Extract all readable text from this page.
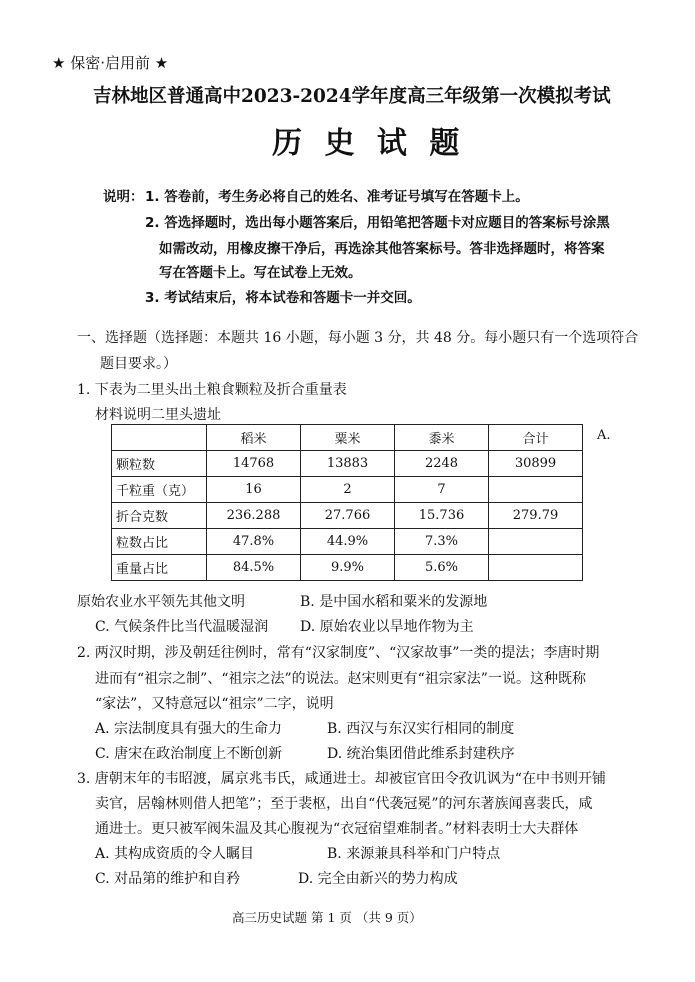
★ 保密·启用前 ★
吉林地区普通高中2023-2024学年度高三年级第一次模拟考试
历 史 试 题
说明： 1. 答卷前，考生务必将自己的姓名、准考证号填写在答题卡上。
2. 答选择题时，选出每小题答案后，用铅笔把答题卡对应题目的答案标号涂黑
如需改动，用橡皮擦干净后，再选涂其他答案标号。答非选择题时，将答案
写在答题卡上。写在试卷上无效。
3. 考试结束后，将本试卷和答题卡一并交回。
一、选择题（选择题：本题共 16 小题，每小题 3 分，共 48 分。每小题只有一个选项符合
题目要求。）
1. 下表为二里头出土粮食颗粒及折合重量表
材料说明二里头遗址
	稻米	粟米	黍米	合计
颗粒数	14768	13883	2248	30899
千粒重（克）	16	2	7	
折合克数	236.288	27.766	15.736	279.79
粒数占比	47.8%	44.9%	7.3%	
重量占比	84.5%	9.9%	5.6%	
A.
原始农业水平领先其他文明	B. 是中国水稻和粟米的发源地
C. 气候条件比当代温暖湿润 D. 原始农业以旱地作物为主
2. 两汉时期，涉及朝廷往例时，常有“汉家制度”、“汉家故事”一类的提法；李唐时期
进而有“祖宗之制”、“祖宗之法”的说法。赵宋则更有“祖宗家法”一说。这种既称
“家法”，又特意冠以“祖宗”二字，说明
A. 宗法制度具有强大的生命力	B. 西汉与东汉实行相同的制度
C. 唐宋在政治制度上不断创新	D. 统治集团借此维系封建秩序
3. 唐朝末年的韦昭渡，属京兆韦氏，咸通进士。却被宦官田令孜讥讽为“在中书则开铺
卖官，居翰林则借人把笔”；至于裴枢，出自“代袭冠冕”的河东著族闻喜裴氏，咸
通进士。更只被军阀朱温及其心腹视为“衣冠宿望难制者。”材料表明士大夫群体
A. 其构成资质的令人瞩目	B. 来源兼具科举和门户特点
C. 对品第的维护和自矜	D. 完全由新兴的势力构成
高三历史试题 第 1 页 （共 9 页）
